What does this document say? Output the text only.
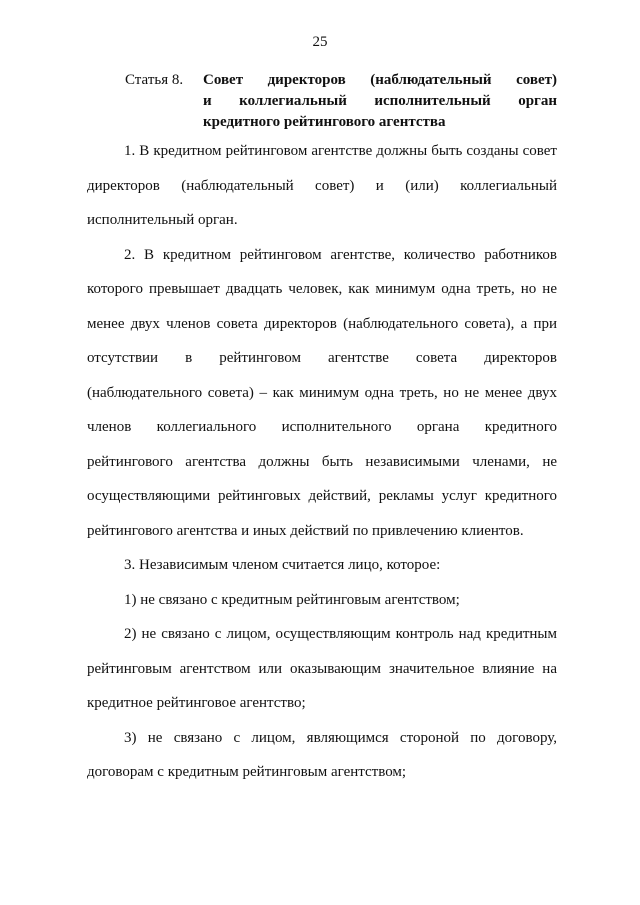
25
Статья 8. Совет директоров (наблюдательный совет)
и коллегиальный исполнительный орган
кредитного рейтингового агентства
1. В кредитном рейтинговом агентстве должны быть созданы совет
директоров (наблюдательный совет) и (или) коллегиальный
исполнительный орган.
2. В кредитном рейтинговом агентстве, количество работников
которого превышает двадцать человек, как минимум одна треть, но не
менее двух членов совета директоров (наблюдательного совета), а при
отсутствии в рейтинговом агентстве совета директоров
(наблюдательного совета) – как минимум одна треть, но не менее двух
членов коллегиального исполнительного органа кредитного
рейтингового агентства должны быть независимыми членами, не
осуществляющими рейтинговых действий, рекламы услуг кредитного
рейтингового агентства и иных действий по привлечению клиентов.
3. Независимым членом считается лицо, которое:
1) не связано с кредитным рейтинговым агентством;
2) не связано с лицом, осуществляющим контроль над кредитным
рейтинговым агентством или оказывающим значительное влияние на
кредитное рейтинговое агентство;
3) не связано с лицом, являющимся стороной по договору,
договорам с кредитным рейтинговым агентством;
